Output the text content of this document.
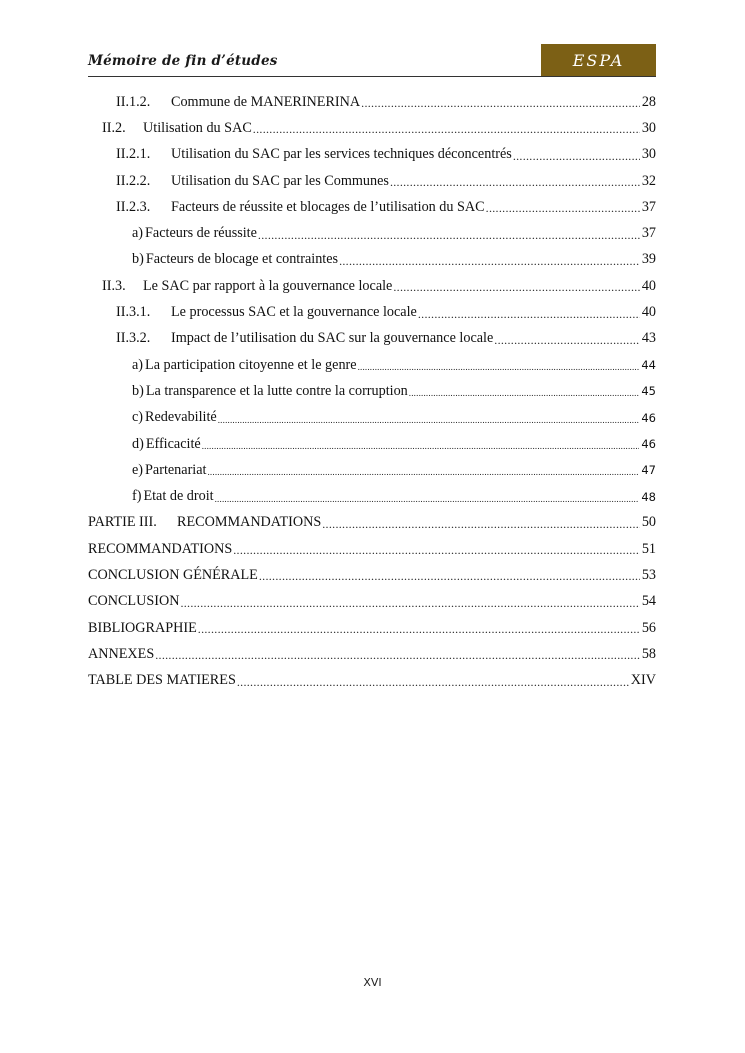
Mémoire de fin d’études	ESPA
II.1.2.	Commune de MANERINERINA .....	28
II.2.	Utilisation du SAC .....	30
II.2.1.	Utilisation du SAC par les services techniques déconcentrés .....	30
II.2.2.	Utilisation du SAC par les Communes .....	32
II.2.3.	Facteurs de réussite et blocages de l’utilisation du SAC .....	37
a) Facteurs de réussite .....	37
b) Facteurs de blocage et contraintes .....	39
II.3.	Le SAC par rapport à la gouvernance locale .....	40
II.3.1.	Le processus SAC et la gouvernance locale .....	40
II.3.2.	Impact de l’utilisation du SAC sur la gouvernance locale .....	43
a) La participation citoyenne et le genre .....	44
b) La transparence et la lutte contre la corruption .....	45
c) Redevabilité .....	46
d) Efficacité .....	46
e) Partenariat .....	47
f) Etat de droit .....	48
PARTIE III.	RECOMMANDATIONS .....	50
RECOMMANDATIONS .....	51
CONCLUSION GÉNÉRALE .....	53
CONCLUSION .....	54
BIBLIOGRAPHIE .....	56
ANNEXES .....	58
TABLE DES MATIERES .....	XIV
XVI
